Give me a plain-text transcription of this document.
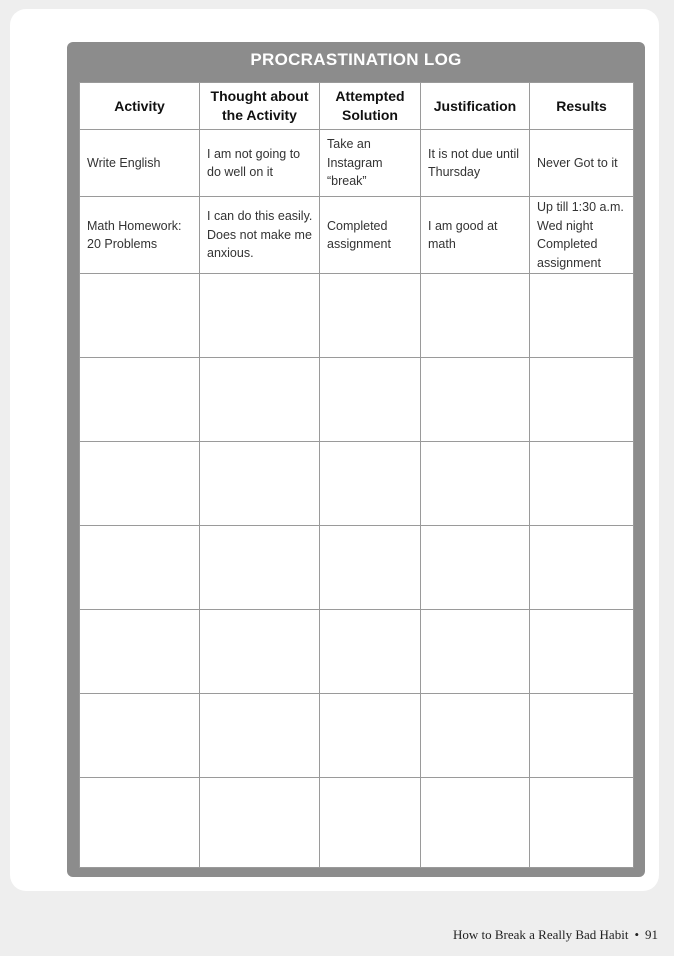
PROCRASTINATION LOG
Activity	Thought about the Activity	Attempted Solution	Justification	Results
Write English	I am not going to do well on it	Take an Instagram “break”	It is not due until Thursday	Never Got to it
Math Homework: 20 Problems	I can do this easily. Does not make me anxious.	Completed assignment	I am good at math	Up till 1:30 a.m. Wed night Completed assignment

How to Break a Really Bad Habit • 91
